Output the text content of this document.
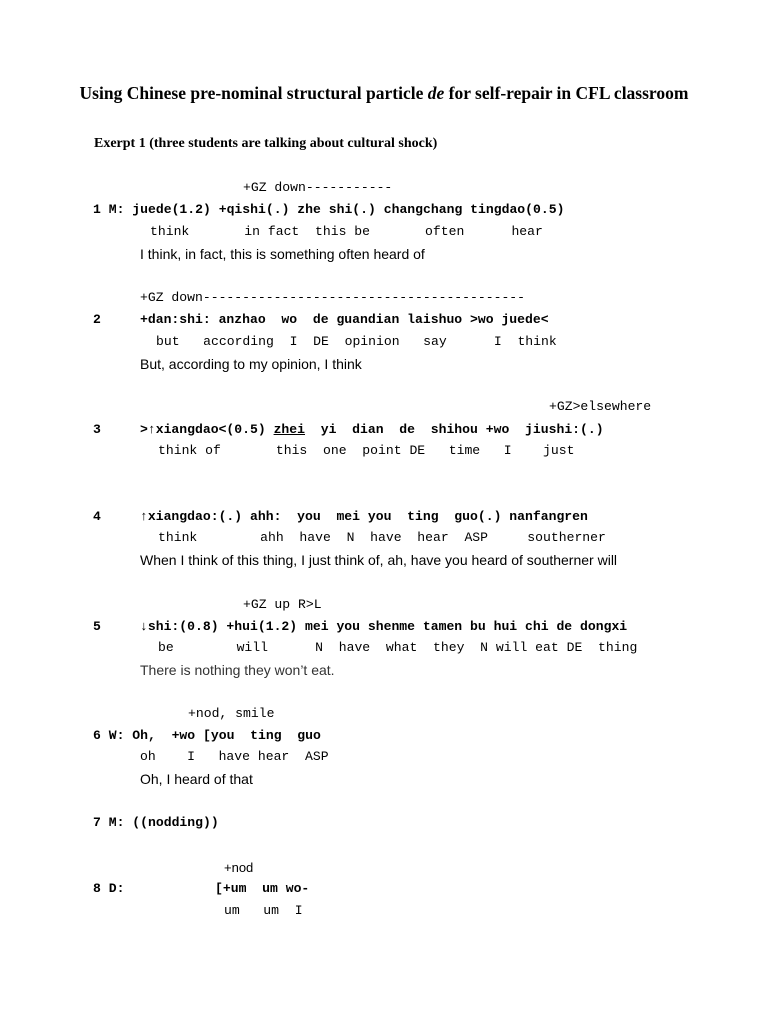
Using Chinese pre-nominal structural particle de for self-repair in CFL classroom
Exerpt 1 (three students are talking about cultural shock)
+GZ down-----------
1 M: juede(1.2) +qishi(.) zhe shi(.) changchang tingdao(0.5)
think       in fact  this be       often      hear
I think, in fact, this is something often heard of
+GZ down-----------------------------------------
2	+dan:shi: anzhao  wo  de guandian laishuo >wo juede<
but   according  I  DE  opinion   say      I  think
But, according to my opinion, I think
+GZ>elsewhere
3	>↑xiangdao<(0.5) zhei  yi  dian  de  shihou +wo  jiushi:(.)
think of       this  one  point DE   time   I    just
4	↑xiangdao:(.) ahh:  you  mei you  ting  guo(.) nanfangren
think        ahh  have  N  have  hear  ASP     southerner
When I think of this thing, I just think of, ah, have you heard of southerner will
+GZ up R>L
5	↓shi:(0.8) +hui(1.2) mei you shenme tamen bu hui chi de dongxi
be        will      N  have  what  they  N will eat DE  thing
There is nothing they won’t eat.
+nod, smile
6 W: Oh,  +wo [you  ting  guo
oh    I   have hear  ASP
Oh, I heard of that
7 M: ((nodding))
+nod
8 D:	[+um  um wo-
um   um  I
